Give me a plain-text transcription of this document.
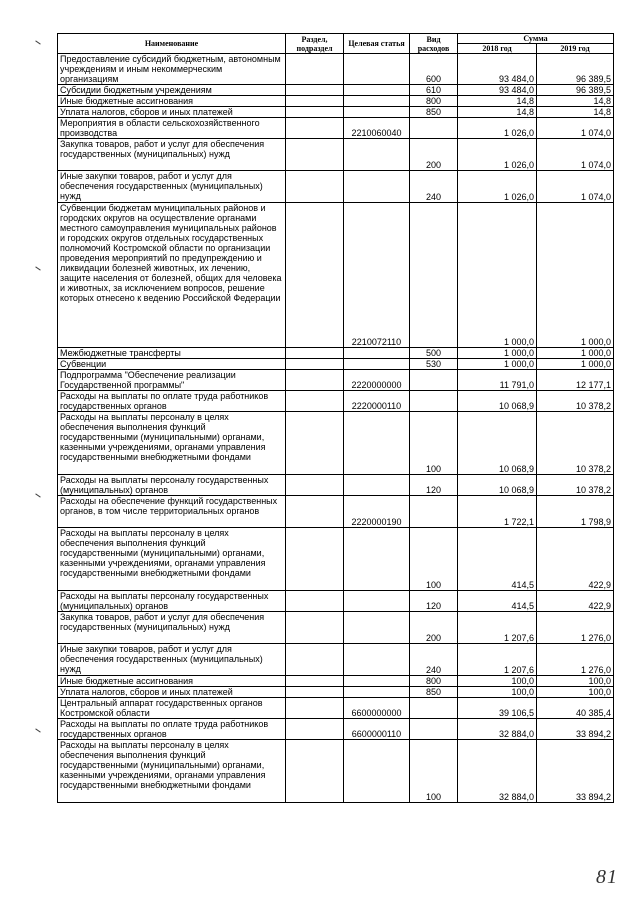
Наименование	Раздел, подраздел	Целевая статья	Вид расходов	Сумма	
				2018 год	2019 год
Предоставление субсидий бюджетным, автономным учреждениям и иным некоммерческим организациям			600	93 484,0	96 389,5
Субсидии бюджетным учреждениям			610	93 484,0	96 389,5
Иные бюджетные ассигнования			800	14,8	14,8
Уплата налогов, сборов и иных платежей			850	14,8	14,8
Мероприятия в области сельскохозяйственного производства		2210060040		1 026,0	1 074,0
Закупка товаров, работ и услуг для обеспечения государственных (муниципальных) нужд			200	1 026,0	1 074,0
Иные закупки товаров, работ и услуг для обеспечения государственных (муниципальных) нужд			240	1 026,0	1 074,0
Субвенции бюджетам муниципальных районов и городских округов на осуществление органами местного самоуправления муниципальных районов и городских округов отдельных государственных полномочий Костромской области по организации проведения мероприятий по предупреждению и ликвидации болезней животных, их лечению, защите населения от болезней, общих для человека и животных, за исключением вопросов, решение которых отнесено к ведению Российской Федерации		2210072110		1 000,0	1 000,0
Межбюджетные трансферты			500	1 000,0	1 000,0
Субвенции			530	1 000,0	1 000,0
Подпрограмма "Обеспечение реализации Государственной программы"		2220000000		11 791,0	12 177,1
Расходы на выплаты по оплате труда работников государственных органов		2220000110		10 068,9	10 378,2
Расходы на выплаты персоналу в целях обеспечения выполнения функций государственными (муниципальными) органами, казенными учреждениями, органами управления государственными внебюджетными фондами			100	10 068,9	10 378,2
Расходы на выплаты персоналу государственных (муниципальных) органов			120	10 068,9	10 378,2
Расходы на обеспечение функций государственных органов, в том числе территориальных органов		2220000190		1 722,1	1 798,9
Расходы на выплаты персоналу в целях обеспечения выполнения функций государственными (муниципальными) органами, казенными учреждениями, органами управления государственными внебюджетными фондами			100	414,5	422,9
Расходы на выплаты персоналу государственных (муниципальных) органов			120	414,5	422,9
Закупка товаров, работ и услуг для обеспечения государственных (муниципальных) нужд			200	1 207,6	1 276,0
Иные закупки товаров, работ и услуг для обеспечения государственных (муниципальных) нужд			240	1 207,6	1 276,0
Иные бюджетные ассигнования			800	100,0	100,0
Уплата налогов, сборов и иных платежей			850	100,0	100,0
Центральный аппарат государственных органов Костромской области		6600000000		39 106,5	40 385,4
Расходы на выплаты по оплате труда работников государственных органов		6600000110		32 884,0	33 894,2
Расходы на выплаты персоналу в целях обеспечения выполнения функций государственными (муниципальными) органами, казенными учреждениями, органами управления государственными внебюджетными фондами			100	32 884,0	33 894,2
81
